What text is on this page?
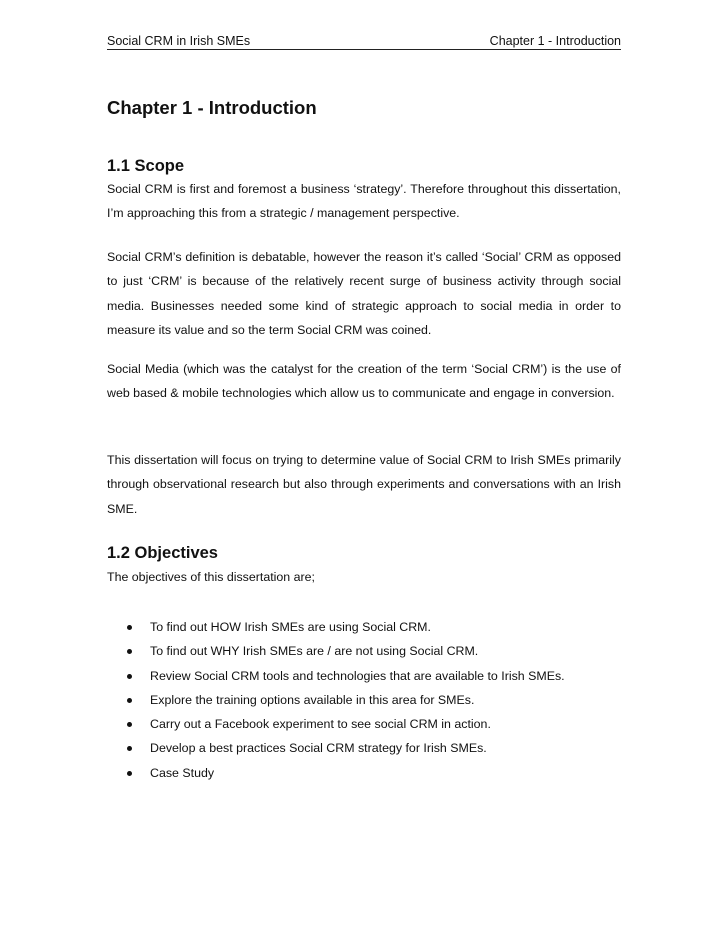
Social CRM in Irish SMEs	Chapter 1 - Introduction
Chapter 1 - Introduction
1.1 Scope

Social CRM is first and foremost a business ‘strategy’. Therefore throughout this dissertation, I’m approaching this from a strategic / management perspective.

Social CRM’s definition is debatable, however the reason it’s called ‘Social’ CRM as opposed to just ‘CRM’ is because of the relatively recent surge of business activity through social media. Businesses needed some kind of strategic approach to social media in order to measure its value and so the term Social CRM was coined.

Social Media (which was the catalyst for the creation of the term ‘Social CRM’) is the use of web based & mobile technologies which allow us to communicate and engage in conversion.

This dissertation will focus on trying to determine value of Social CRM to Irish SMEs primarily through observational research but also through experiments and conversations with an Irish SME.

1.2 Objectives

The objectives of this dissertation are;

To find out HOW Irish SMEs are using Social CRM.
To find out WHY Irish SMEs are / are not using Social CRM.
Review Social CRM tools and technologies that are available to Irish SMEs.
Explore the training options available in this area for SMEs.
Carry out a Facebook experiment to see social CRM in action.
Develop a best practices Social CRM strategy for Irish SMEs.
Case Study
